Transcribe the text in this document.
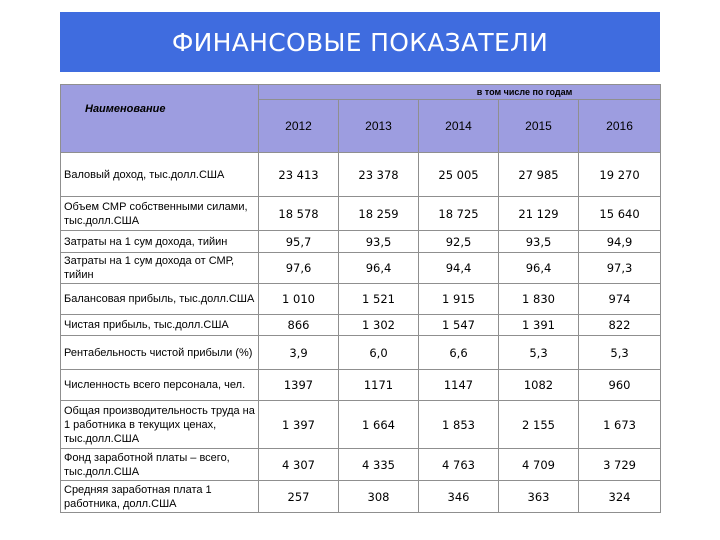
ФИНАНСОВЫЕ ПОКАЗАТЕЛИ
Наименование	в том числе по годам				

	2012	2013	2014	2015	2016
Валовый доход, тыс.долл.США	23 413	23 378	25 005	27 985	19 270
Объем СМР собственными силами, тыс.долл.США	18 578	18 259	18 725	21 129	15 640
Затраты на 1 сум дохода, тийин	95,7	93,5	92,5	93,5	94,9
Затраты на 1 сум дохода от СМР, тийин	97,6	96,4	94,4	96,4	97,3
Балансовая прибыль, тыс.долл.США	1 010	1 521	1 915	1 830	974
Чистая прибыль, тыс.долл.США	866	1 302	1 547	1 391	822
Рентабельность чистой прибыли (%)	3,9	6,0	6,6	5,3	5,3
Численность всего персонала, чел.	1397	1171	1147	1082	960
Общая производительность труда на 1 работника в текущих ценах, тыс.долл.США	1 397	1 664	1 853	2 155	1 673
Фонд заработной платы – всего, тыс.долл.США	4 307	4 335	4 763	4 709	3 729
Средняя заработная плата 1 работника, долл.США	257	308	346	363	324
